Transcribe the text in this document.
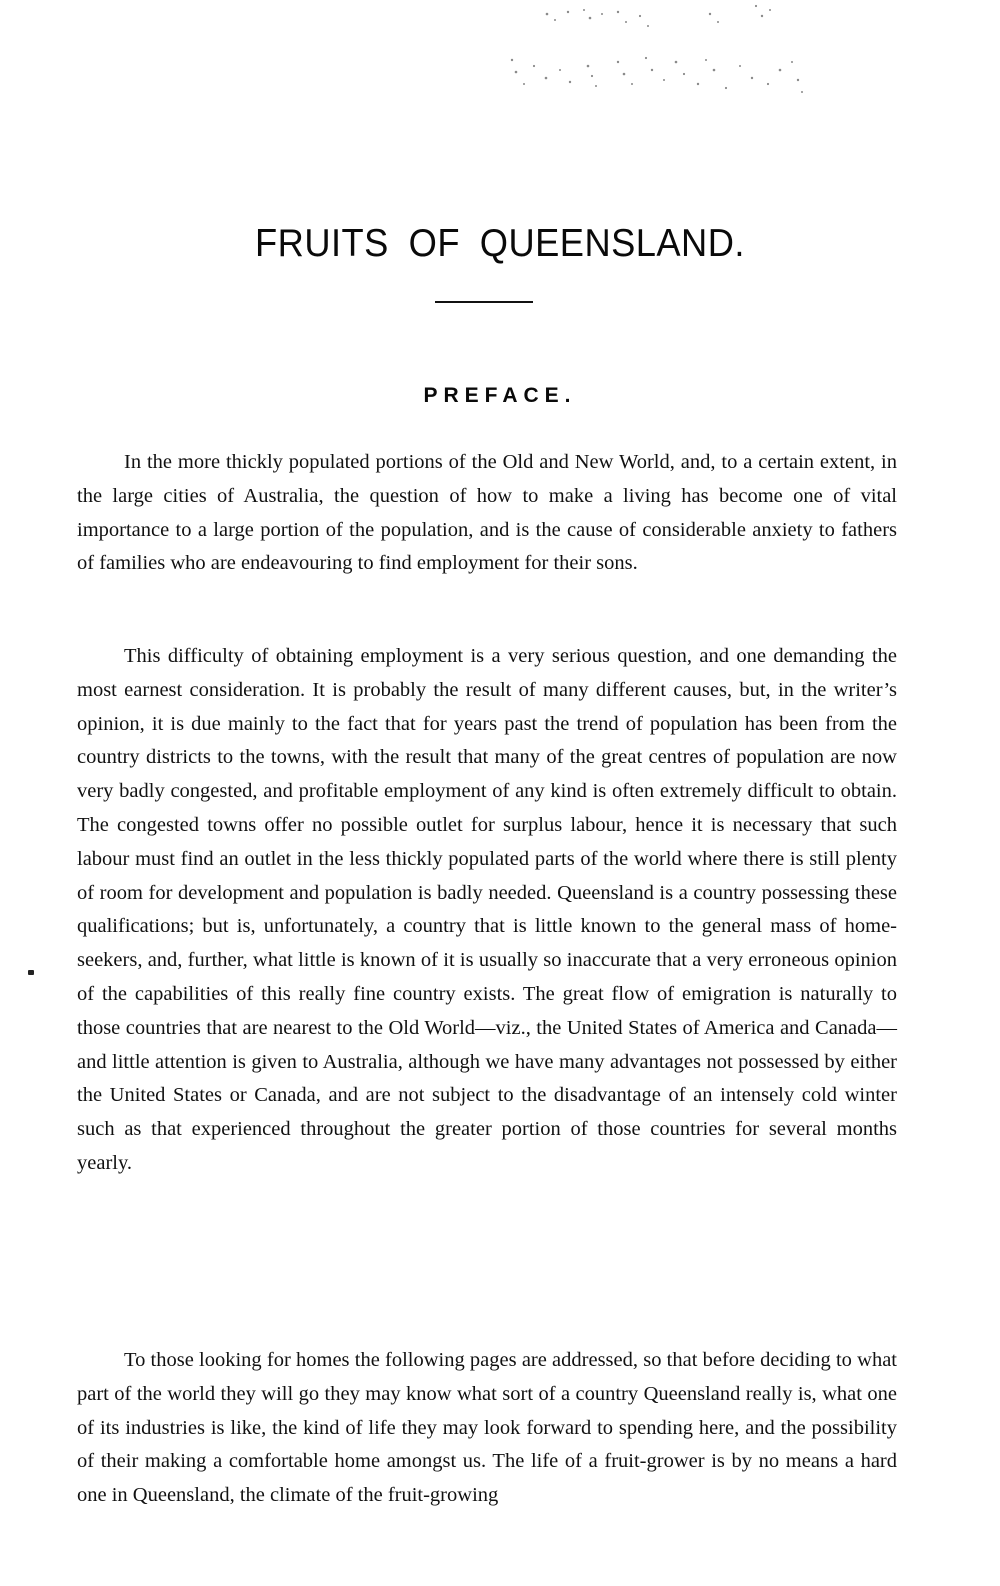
FRUITS OF QUEENSLAND.
PREFACE.

In the more thickly populated portions of the Old and New World, and, to a certain extent, in the large cities of Australia, the question of how to make a living has become one of vital importance to a large portion of the population, and is the cause of considerable anxiety to fathers of families who are endeavouring to find employment for their sons.

This difficulty of obtaining employment is a very serious question, and one demanding the most earnest consideration. It is probably the result of many different causes, but, in the writer’s opinion, it is due mainly to the fact that for years past the trend of population has been from the country districts to the towns, with the result that many of the great centres of population are now very badly congested, and profitable employment of any kind is often extremely difficult to obtain. The congested towns offer no possible outlet for surplus labour, hence it is necessary that such labour must find an outlet in the less thickly populated parts of the world where there is still plenty of room for development and population is badly needed. Queensland is a country possessing these qualifications; but is, unfortunately, a country that is little known to the general mass of home-seekers, and, further, what little is known of it is usually so inaccurate that a very erroneous opinion of the capabilities of this really fine country exists. The great flow of emigration is naturally to those countries that are nearest to the Old World—viz., the United States of America and Canada—and little attention is given to Australia, although we have many advantages not possessed by either the United States or Canada, and are not subject to the disadvantage of an intensely cold winter such as that experienced throughout the greater portion of those countries for several months yearly.

To those looking for homes the following pages are addressed, so that before deciding to what part of the world they will go they may know what sort of a country Queensland really is, what one of its industries is like, the kind of life they may look forward to spending here, and the possibility of their making a comfortable home amongst us. The life of a fruit-grower is by no means a hard one in Queensland, the climate of the fruit-growing
